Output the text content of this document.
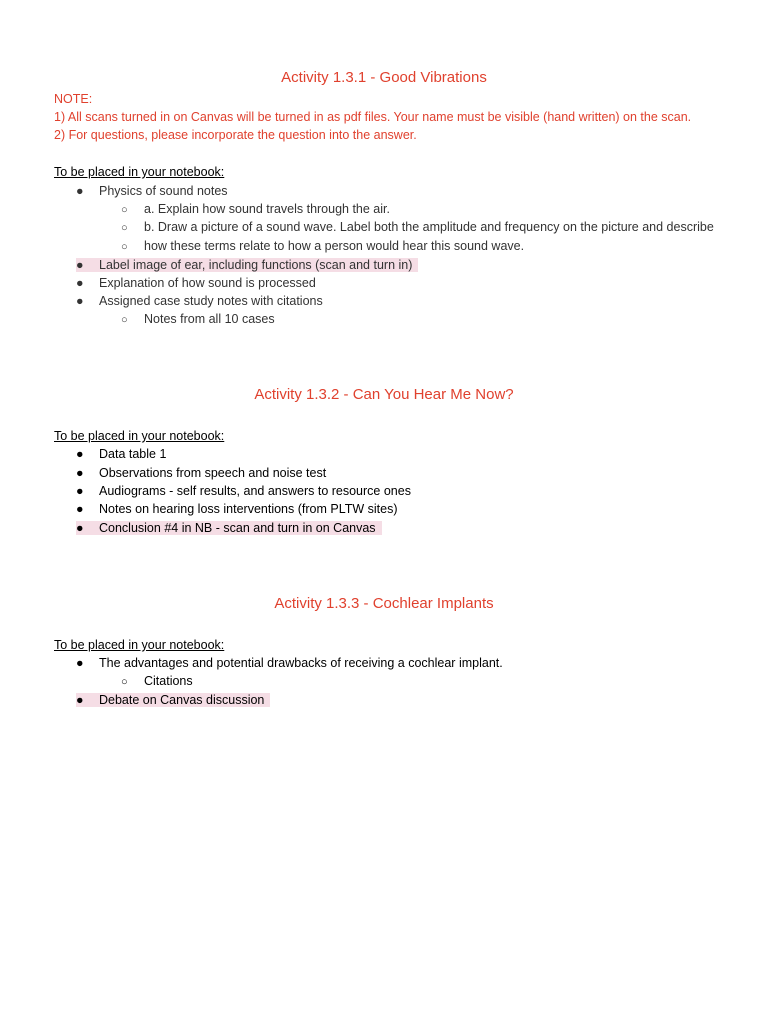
Activity 1.3.1 - Good Vibrations
NOTE:
1) All scans turned in on Canvas will be turned in as pdf files. Your name must be visible (hand written) on the scan.
2) For questions, please incorporate the question into the answer.
To be placed in your notebook:
● Physics of sound notes
○ a. Explain how sound travels through the air.
○ b. Draw a picture of a sound wave. Label both the amplitude and frequency on the picture and describe
○ how these terms relate to how a person would hear this sound wave.
● Label image of ear, including functions (scan and turn in)
● Explanation of how sound is processed
● Assigned case study notes with citations
○ Notes from all 10 cases
Activity 1.3.2 - Can You Hear Me Now?
To be placed in your notebook:
● Data table 1
● Observations from speech and noise test
● Audiograms - self results, and answers to resource ones
● Notes on hearing loss interventions (from PLTW sites)
● Conclusion #4 in NB - scan and turn in on Canvas
Activity 1.3.3 - Cochlear Implants
To be placed in your notebook:
● The advantages and potential drawbacks of receiving a cochlear implant.
○ Citations
● Debate on Canvas discussion
